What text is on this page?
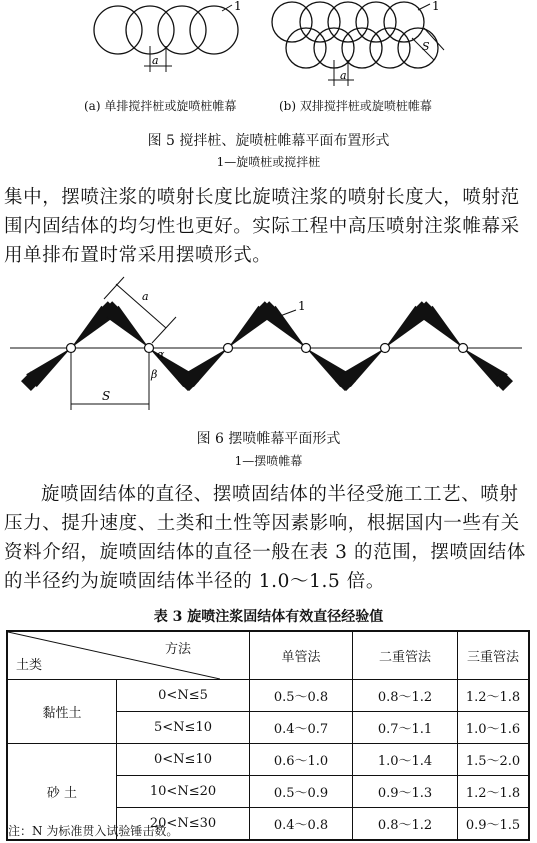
1
a
1
a
S
(a) 单排搅拌桩或旋喷桩帷幕	(b) 双排搅拌桩或旋喷桩帷幕
图 5 搅拌桩、旋喷桩帷幕平面布置形式
1—旋喷桩或搅拌桩

集中，摆喷注浆的喷射长度比旋喷注浆的喷射长度大，喷射范围内固结体的均匀性也更好。实际工程中高压喷射注浆帷幕采用单排布置时常采用摆喷形式。

a
1
α
β
S
图 6 摆喷帷幕平面形式
1—摆喷帷幕

旋喷固结体的直径、摆喷固结体的半径受施工工艺、喷射压力、提升速度、土类和土性等因素影响，根据国内一些有关资料介绍，旋喷固结体的直径一般在表 3 的范围，摆喷固结体的半径约为旋喷固结体半径的 1.0～1.5 倍。

表 3 旋喷注浆固结体有效直径经验值
方法
土类		单管法	二重管法	三重管法
黏性土	0<N≤5	0.5～0.8	0.8～1.2	1.2～1.8
	5<N≤10	0.4～0.7	0.7～1.1	1.0～1.6
砂 土	0<N≤10	0.6～1.0	1.0～1.4	1.5～2.0
	10<N≤20	0.5～0.9	0.9～1.3	1.2～1.8
	20<N≤30	0.4～0.8	0.8～1.2	0.9～1.5
注：N 为标准贯入试验锤击数。
